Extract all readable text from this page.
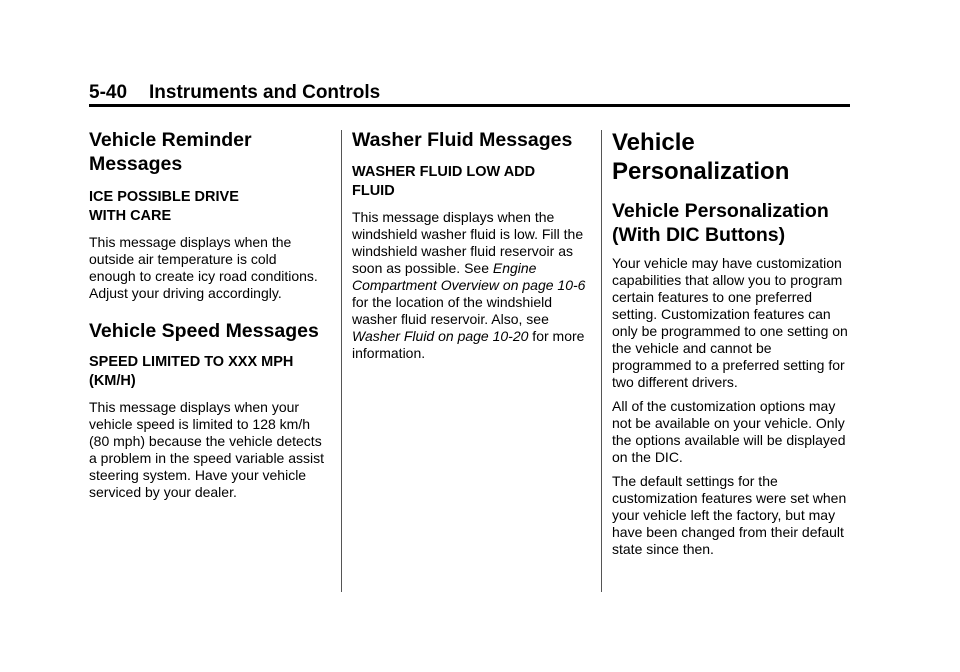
5-40 Instruments and Controls
Vehicle Reminder Messages
ICE POSSIBLE DRIVE
WITH CARE

This message displays when the outside air temperature is cold enough to create icy road conditions. Adjust your driving accordingly.

Vehicle Speed Messages
SPEED LIMITED TO XXX MPH (KM/H)

This message displays when your vehicle speed is limited to 128 km/h (80 mph) because the vehicle detects a problem in the speed variable assist steering system. Have your vehicle serviced by your dealer.

Washer Fluid Messages
WASHER FLUID LOW ADD FLUID

This message displays when the windshield washer fluid is low. Fill the windshield washer fluid reservoir as soon as possible. See Engine Compartment Overview on page 10-6 for the location of the windshield washer fluid reservoir. Also, see Washer Fluid on page 10-20 for more information.

Vehicle Personalization
Vehicle Personalization (With DIC Buttons)

Your vehicle may have customization capabilities that allow you to program certain features to one preferred setting. Customization features can only be programmed to one setting on the vehicle and cannot be programmed to a preferred setting for two different drivers.

All of the customization options may not be available on your vehicle. Only the options available will be displayed on the DIC.

The default settings for the customization features were set when your vehicle left the factory, but may have been changed from their default state since then.
